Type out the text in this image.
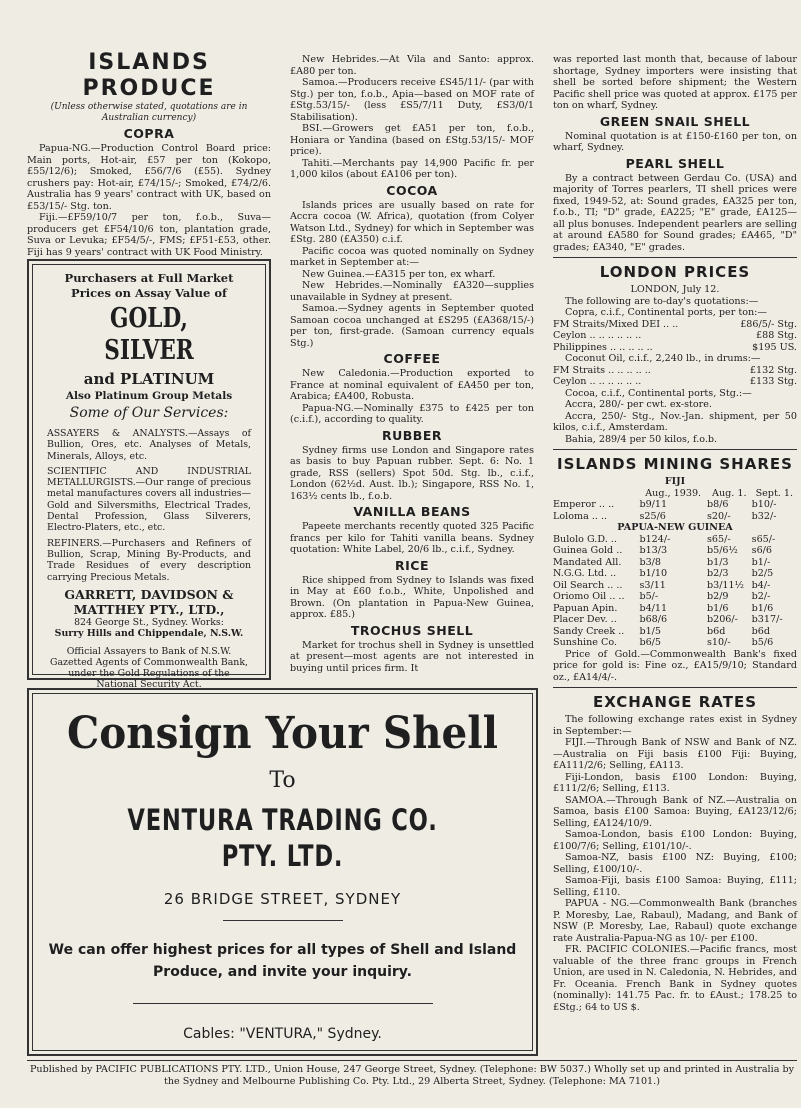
ISLANDS PRODUCE
(Unless otherwise stated, quotations are in Australian currency)
COPRA

Papua-NG.—Production Control Board price: Main ports, Hot-air, £57 per ton (Kokopo, £55/12/6); Smoked, £56/7/6 (£55). Sydney crushers pay: Hot-air, £74/15/-; Smoked, £74/2/6. Australia has 9 years' contract with UK, based on £53/15/- Stg. ton.

Fiji.—£F59/10/7 per ton, f.o.b., Suva—producers get £F54/10/6 ton, plantation grade, Suva or Levuka; £F54/5/-, FMS; £F51-£53, other. Fiji has 9 years' contract with UK Food Ministry.

Purchasers at Full Market Prices on Assay Value of
GOLD, SILVER
and PLATINUM
Also Platinum Group Metals
Some of Our Services:
ASSAYERS & ANALYSTS.—Assays of Bullion, Ores, etc. Analyses of Metals, Minerals, Alloys, etc.
SCIENTIFIC AND INDUSTRIAL METALLURGISTS.—Our range of precious metal manufactures covers all industries—Gold and Silversmiths, Electrical Trades, Dental Profession, Glass Silverers, Electro-Platers, etc., etc.
REFINERS.—Purchasers and Refiners of Bullion, Scrap, Mining By-Products, and Trade Residues of every description carrying Precious Metals.
GARRETT, DAVIDSON & MATTHEY PTY., LTD.,
824 George St., Sydney. Works:
Surry Hills and Chippendale, N.S.W.
Official Assayers to Bank of N.S.W. Gazetted Agents of Commonwealth Bank, under the Gold Regulations of the National Security Act.

New Hebrides.—At Vila and Santo: approx. £A80 per ton.

Samoa.—Producers receive £S45/11/- (par with Stg.) per ton, f.o.b., Apia—based on MOF rate of £Stg.53/15/- (less £S5/7/11 Duty, £S3/0/1 Stabilisation).

BSI.—Growers get £A51 per ton, f.o.b., Honiara or Yandina (based on £Stg.53/15/- MOF price).

Tahiti.—Merchants pay 14,900 Pacific fr. per 1,000 kilos (about £A106 per ton).

COCOA

Islands prices are usually based on rate for Accra cocoa (W. Africa), quotation (from Colyer Watson Ltd., Sydney) for which in September was £Stg. 280 (£A350) c.i.f.

Pacific cocoa was quoted nominally on Sydney market in September at:—

New Guinea.—£A315 per ton, ex wharf.

New Hebrides.—Nominally £A320—supplies unavailable in Sydney at present.

Samoa.—Sydney agents in September quoted Samoan cocoa unchanged at £S295 (£A368/15/-) per ton, first-grade. (Samoan currency equals Stg.)

COFFEE

New Caledonia.—Production exported to France at nominal equivalent of £A450 per ton, Arabica; £A400, Robusta.

Papua-NG.—Nominally £375 to £425 per ton (c.i.f.), according to quality.

RUBBER

Sydney firms use London and Singapore rates as basis to buy Papuan rubber. Sept. 6: No. 1 grade, RSS (sellers) Spot 50d. Stg. lb., c.i.f., London (62½d. Aust. lb.); Singapore, RSS No. 1, 163½ cents lb., f.o.b.

VANILLA BEANS

Papeete merchants recently quoted 325 Pacific francs per kilo for Tahiti vanilla beans. Sydney quotation: White Label, 20/6 lb., c.i.f., Sydney.

RICE

Rice shipped from Sydney to Islands was fixed in May at £60 f.o.b., White, Unpolished and Brown. (On plantation in Papua-New Guinea, approx. £85.)

TROCHUS SHELL

Market for trochus shell in Sydney is unsettled at present—most agents are not interested in buying until prices firm. It

was reported last month that, because of labour shortage, Sydney importers were insisting that shell be sorted before shipment; the Western Pacific shell price was quoted at approx. £175 per ton on wharf, Sydney.

GREEN SNAIL SHELL

Nominal quotation is at £150-£160 per ton, on wharf, Sydney.

PEARL SHELL

By a contract between Gerdau Co. (USA) and majority of Torres pearlers, TI shell prices were fixed, 1949-52, at: Sound grades, £A325 per ton, f.o.b., TI; "D" grade, £A225; "E" grade, £A125—all plus bonuses. Independent pearlers are selling at around £A580 for Sound grades; £A465, "D" grades; £A340, "E" grades.

LONDON PRICES

LONDON, July 12.

The following are to-day's quotations:—

Copra, c.i.f., Continental ports, per ton:—

FM Straits/Mixed DEI .. ..	£86/5/- Stg.
Ceylon .. .. .. .. .. ..	£88 Stg.
Philippines .. .. .. .. ..	$195 US.

Coconut Oil, c.i.f., 2,240 lb., in drums:—

FM Straits .. .. .. .. ..	£132 Stg.
Ceylon .. .. .. .. .. ..	£133 Stg.

Cocoa, c.i.f., Continental ports, Stg.:—

Accra, 280/- per cwt. ex-store.

Accra, 250/- Stg., Nov.-Jan. shipment, per 50 kilos, c.i.f., Amsterdam.

Bahia, 289/4 per 50 kilos, f.o.b.

ISLANDS MINING SHARES

FIJI

	Aug., 1939.	Aug. 1.	Sept. 1.
Emperor .. ..	b9/11	b8/6	b10/-
Loloma .. ..	s25/6	s20/-	b32/-
PAPUA-NEW GUINEA			
Bulolo G.D. ..	b124/-	s65/-	s65/-
Guinea Gold ..	b13/3	b5/6½	s6/6
Mandated All.	b3/8	b1/3	b1/-
N.G.G. Ltd. ..	b1/10	b2/3	b2/5
Oil Search .. ..	s3/11	b3/11½	b4/-
Oriomo Oil .. ..	b5/-	b2/9	b2/-
Papuan Apin.	b4/11	b1/6	b1/6
Placer Dev. ..	b68/6	b206/-	b317/-
Sandy Creek ..	b1/5	b6d	b6d
Sunshine Co.	b6/5	s10/-	b5/6

Price of Gold.—Commonwealth Bank's fixed price for gold is: Fine oz., £A15/9/10; Standard oz., £A14/4/-.

EXCHANGE RATES

The following exchange rates exist in Sydney in September:—

FIJI.—Through Bank of NSW and Bank of NZ.—Australia on Fiji basis £100 Fiji: Buying, £A111/2/6; Selling, £A113.

Fiji-London, basis £100 London: Buying, £111/2/6; Selling, £113.

SAMOA.—Through Bank of NZ.—Australia on Samoa, basis £100 Samoa: Buying, £A123/12/6; Selling, £A124/10/9.

Samoa-London, basis £100 London: Buying, £100/7/6; Selling, £101/10/-.

Samoa-NZ, basis £100 NZ: Buying, £100; Selling, £100/10/-.

Samoa-Fiji, basis £100 Samoa: Buying, £111; Selling, £110.

PAPUA - NG.—Commonwealth Bank (branches P. Moresby, Lae, Rabaul), Madang, and Bank of NSW (P. Moresby, Lae, Rabaul) quote exchange rate Australia-Papua-NG as 10/- per £100.

FR. PACIFIC COLONIES.—Pacific francs, most valuable of the three franc groups in French Union, are used in N. Caledonia, N. Hebrides, and Fr. Oceania. French Bank in Sydney quotes (nominally): 141.75 Pac. fr. to £Aust.; 178.25 to £Stg.; 64 to US $.

Consign Your Shell
To
VENTURA TRADING CO. PTY. LTD.
26 BRIDGE STREET, SYDNEY
We can offer highest prices for all types of Shell and Island Produce, and invite your inquiry.
Cables: "VENTURA," Sydney.
Published by PACIFIC PUBLICATIONS PTY. LTD., Union House, 247 George Street, Sydney. (Telephone: BW 5037.) Wholly set up and printed in Australia by the Sydney and Melbourne Publishing Co. Pty. Ltd., 29 Alberta Street, Sydney. (Telephone: MA 7101.)
